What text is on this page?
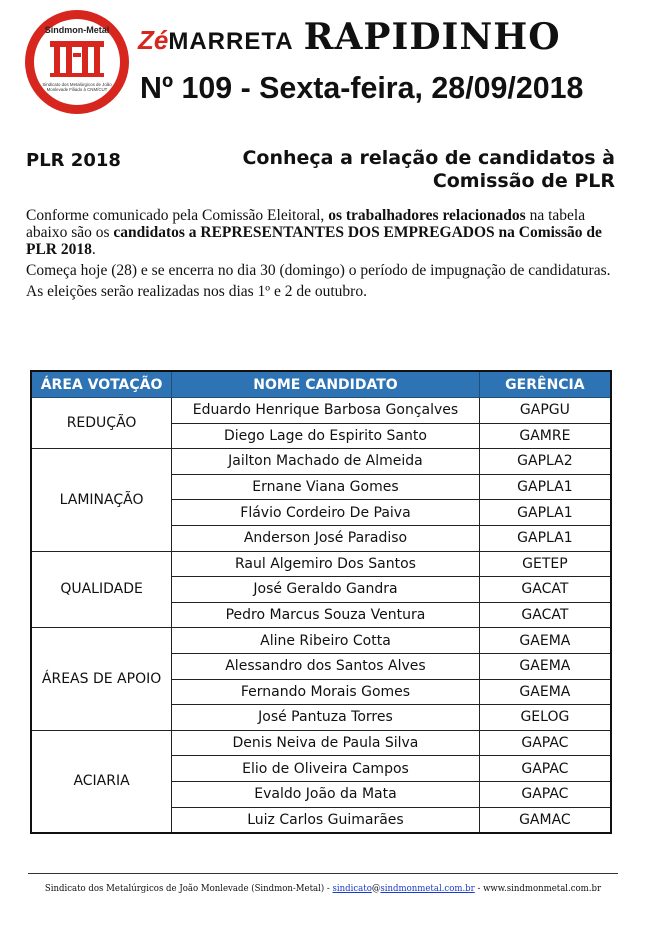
Sindmon-Metal
Sindicato dos Metalúrgicos de João Monlevade Filiado à CNM/CUT
ZéMARRETA RAPIDINHO
Nº 109 - Sexta-feira, 28/09/2018
PLR 2018	Conheça a relação de candidatos à
Comissão de PLR

Conforme comunicado pela Comissão Eleitoral, os trabalhadores relacionados na tabela abaixo são os candidatos a REPRESENTANTES DOS EMPREGADOS na Comissão de PLR 2018.

Começa hoje (28) e se encerra no dia 30 (domingo) o período de impugnação de candidaturas.

As eleições serão realizadas nos dias 1º e 2 de outubro.

ÁREA VOTAÇÃO	NOME CANDIDATO	GERÊNCIA
REDUÇÃO	Eduardo Henrique Barbosa Gonçalves	GAPGU
	Diego Lage do Espirito Santo	GAMRE
LAMINAÇÃO	Jailton Machado de Almeida	GAPLA2
	Ernane Viana Gomes	GAPLA1
	Flávio Cordeiro De Paiva	GAPLA1
	Anderson José Paradiso	GAPLA1
QUALIDADE	Raul Algemiro Dos Santos	GETEP
	José Geraldo Gandra	GACAT
	Pedro Marcus Souza Ventura	GACAT
ÁREAS DE APOIO	Aline Ribeiro Cotta	GAEMA
	Alessandro dos Santos Alves	GAEMA
	Fernando Morais Gomes	GAEMA
	José Pantuza Torres	GELOG
ACIARIA	Denis Neiva de Paula Silva	GAPAC
	Elio de Oliveira Campos	GAPAC
	Evaldo João da Mata	GAPAC
	Luiz Carlos Guimarães	GAMAC
Sindicato dos Metalúrgicos de João Monlevade (Sindmon-Metal) - sindicato@sindmonmetal.com.br - www.sindmonmetal.com.br
